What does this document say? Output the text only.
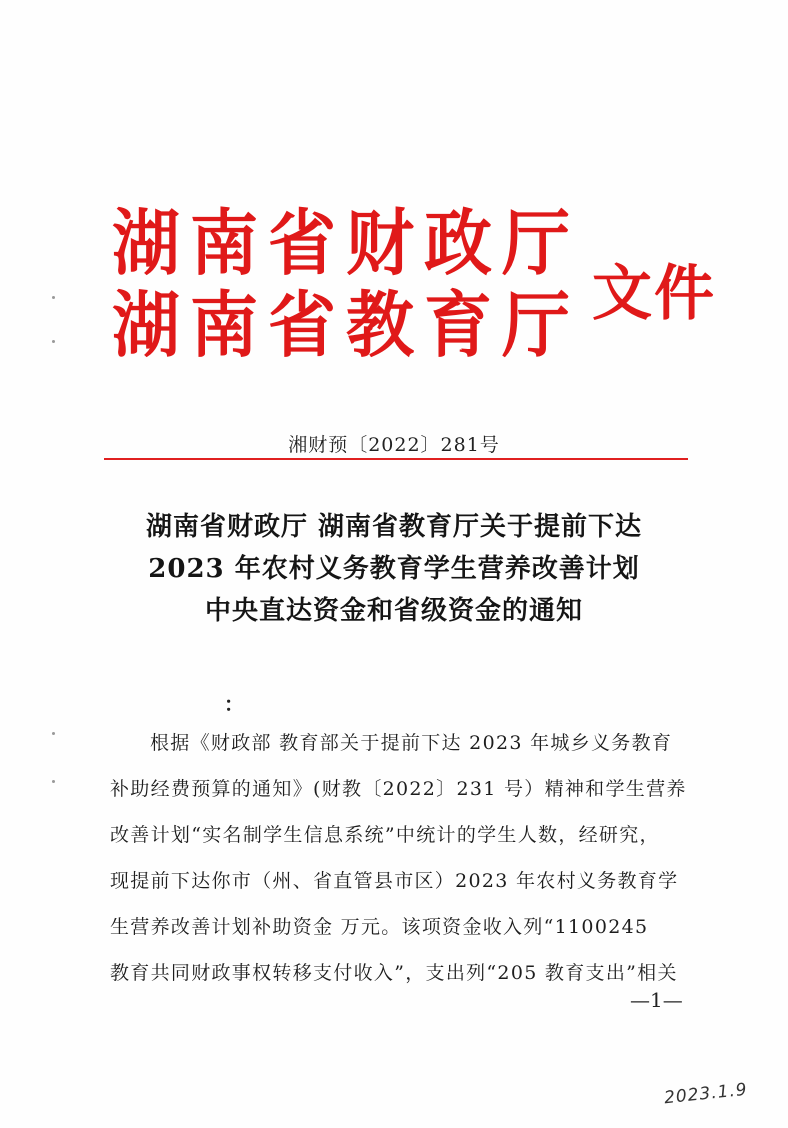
湖南省财政厅
湖南省教育厅 文件
湘财预〔2022〕281号
湖南省财政厅 湖南省教育厅关于提前下达
2023 年农村义务教育学生营养改善计划
中央直达资金和省级资金的通知
：
根据《财政部 教育部关于提前下达 2023 年城乡义务教育
补助经费预算的通知》(财教〔2022〕231 号）精神和学生营养
改善计划“实名制学生信息系统”中统计的学生人数，经研究，
现提前下达你市（州、省直管县市区）2023 年农村义务教育学
生营养改善计划补助资金 万元。该项资金收入列“1100245
教育共同财政事权转移支付收入”，支出列“205 教育支出”相关
—1—
2023.1.9
